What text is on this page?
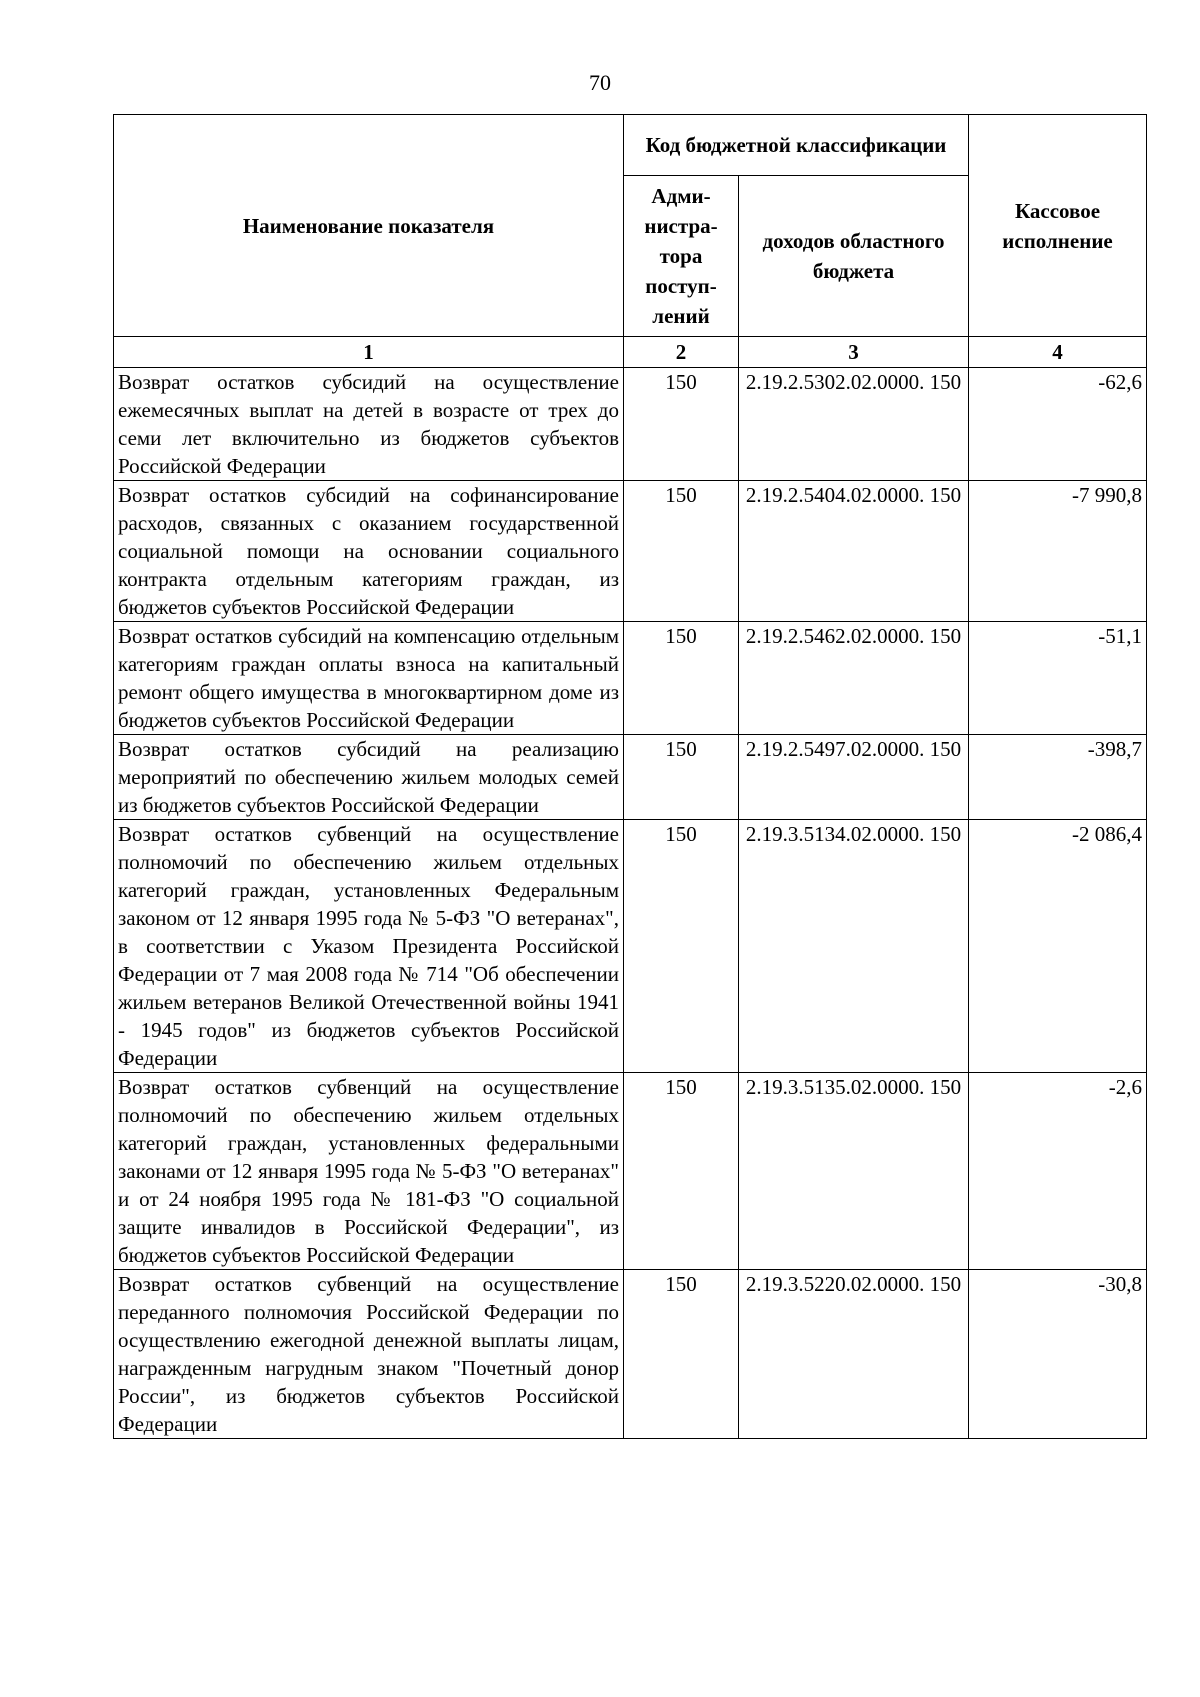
70
Наименование показателя	Код бюджетной классификации		Кассовое исполнение
	Адми-нистра-тора поступ-лений	доходов областного бюджета	
1	2	3	4
Возврат остатков субсидий на осуществление ежемесячных выплат на детей в возрасте от трех до семи лет включительно из бюджетов субъектов Российской Федерации	150	2.19.2.5302.02.0000. 150	-62,6
Возврат остатков субсидий на софинансирование расходов, связанных с оказанием государственной социальной помощи на основании социального контракта отдельным категориям граждан, из бюджетов субъектов Российской Федерации	150	2.19.2.5404.02.0000. 150	-7 990,8
Возврат остатков субсидий на компенсацию отдельным категориям граждан оплаты взноса на капитальный ремонт общего имущества в многоквартирном доме из бюджетов субъектов Российской Федерации	150	2.19.2.5462.02.0000. 150	-51,1
Возврат остатков субсидий на реализацию мероприятий по обеспечению жильем молодых семей из бюджетов субъектов Российской Федерации	150	2.19.2.5497.02.0000. 150	-398,7
Возврат остатков субвенций на осуществление полномочий по обеспечению жильем отдельных категорий граждан, установленных Федеральным законом от 12 января 1995 года № 5-ФЗ "О ветеранах", в соответствии с Указом Президента Российской Федерации от 7 мая 2008 года № 714 "Об обеспечении жильем ветеранов Великой Отечественной войны 1941 - 1945 годов" из бюджетов субъектов Российской Федерации	150	2.19.3.5134.02.0000. 150	-2 086,4
Возврат остатков субвенций на осуществление полномочий по обеспечению жильем отдельных категорий граждан, установленных федеральными законами от 12 января 1995 года № 5-ФЗ "О ветеранах" и от 24 ноября 1995 года № 181-ФЗ "О социальной защите инвалидов в Российской Федерации", из бюджетов субъектов Российской Федерации	150	2.19.3.5135.02.0000. 150	-2,6
Возврат остатков субвенций на осуществление переданного полномочия Российской Федерации по осуществлению ежегодной денежной выплаты лицам, награжденным нагрудным знаком "Почетный донор России", из бюджетов субъектов Российской Федерации	150	2.19.3.5220.02.0000. 150	-30,8
